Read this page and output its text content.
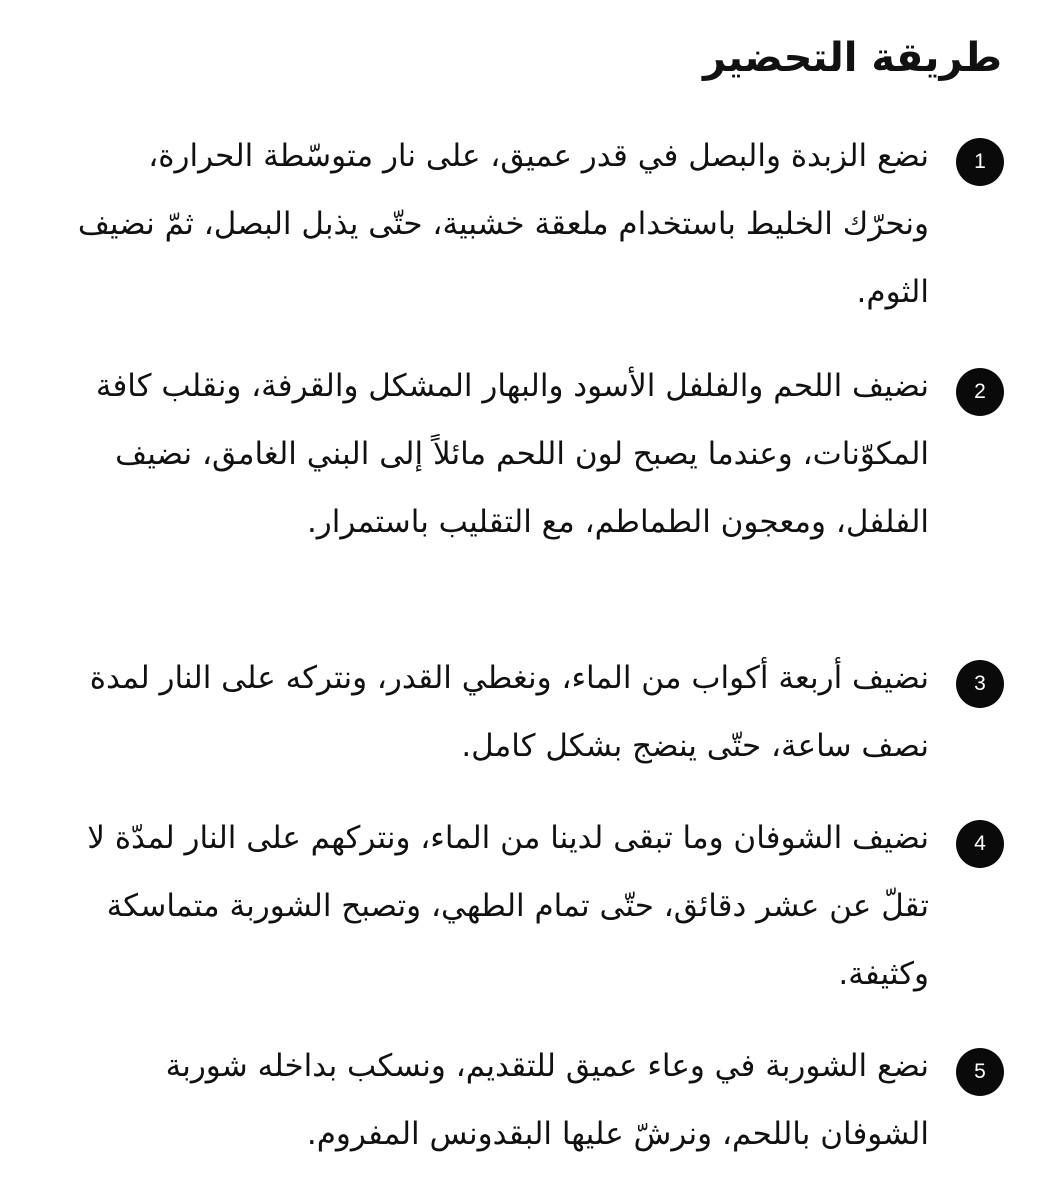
طريقة التحضير
1

نضع الزبدة والبصل في قدر عميق، على نار متوسّطة الحرارة، ونحرّك الخليط باستخدام ملعقة خشبية، حتّى يذبل البصل، ثمّ نضيف الثوم.

2

نضيف اللحم والفلفل الأسود والبهار المشكل والقرفة، ونقلب كافة المكوّنات، وعندما يصبح لون اللحم مائلاً إلى البني الغامق، نضيف الفلفل، ومعجون الطماطم، مع التقليب باستمرار.

3

نضيف أربعة أكواب من الماء، ونغطي القدر، ونتركه على النار لمدة نصف ساعة، حتّى ينضج بشكل كامل.

4

نضيف الشوفان وما تبقى لدينا من الماء، ونتركهم على النار لمدّة لا تقلّ عن عشر دقائق، حتّى تمام الطهي، وتصبح الشوربة متماسكة وكثيفة.

5

نضع الشوربة في وعاء عميق للتقديم، ونسكب بداخله شوربة الشوفان باللحم، ونرشّ عليها البقدونس المفروم.
